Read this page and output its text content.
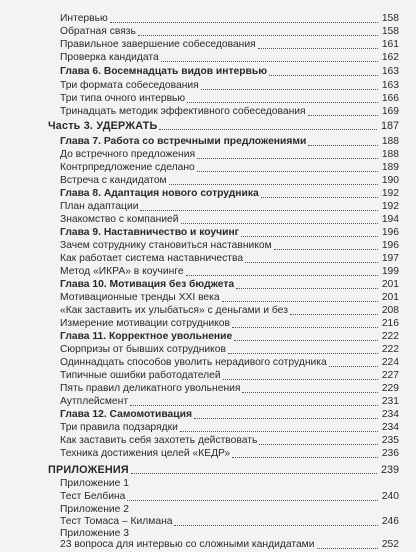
Интервью	158
Обратная связь	158
Правильное завершение собеседования	161
Проверка кандидата	162
Глава 6. Восемнадцать видов интервью	163
Три формата собеседования	163
Три типа очного интервью	166
Тринадцать методик эффективного собеседования	169
Часть 3. УДЕРЖАТЬ	187
Глава 7. Работа со встречными предложениями	188
До встречного предложения	188
Контрпредложение сделано	189
Встреча с кандидатом	190
Глава 8. Адаптация нового сотрудника	192
План адаптации	192
Знакомство с компанией	194
Глава 9. Наставничество и коучинг	196
Зачем сотруднику становиться наставником	196
Как работает система наставничества	197
Метод «ИКРА» в коучинге	199
Глава 10. Мотивация без бюджета	201
Мотивационные тренды XXI века	201
«Как заставить их улыбаться» с деньгами и без	208
Измерение мотивации сотрудников	216
Глава 11. Корректное увольнение	222
Сюрпризы от бывших сотрудников	222
Одиннадцать способов уволить нерадивого сотрудника	224
Типичные ошибки работодателей	227
Пять правил деликатного увольнения	229
Аутплейсмент	231
Глава 12. Самомотивация	234
Три правила подзарядки	234
Как заставить себя захотеть действовать	235
Техника достижения целей «КЕДР»	236
ПРИЛОЖЕНИЯ	239
Приложение 1
Тест Белбина	240
Приложение 2
Тест Томаса – Килмана	246
Приложение 3
23 вопроса для интервью со сложными кандидатами	252
